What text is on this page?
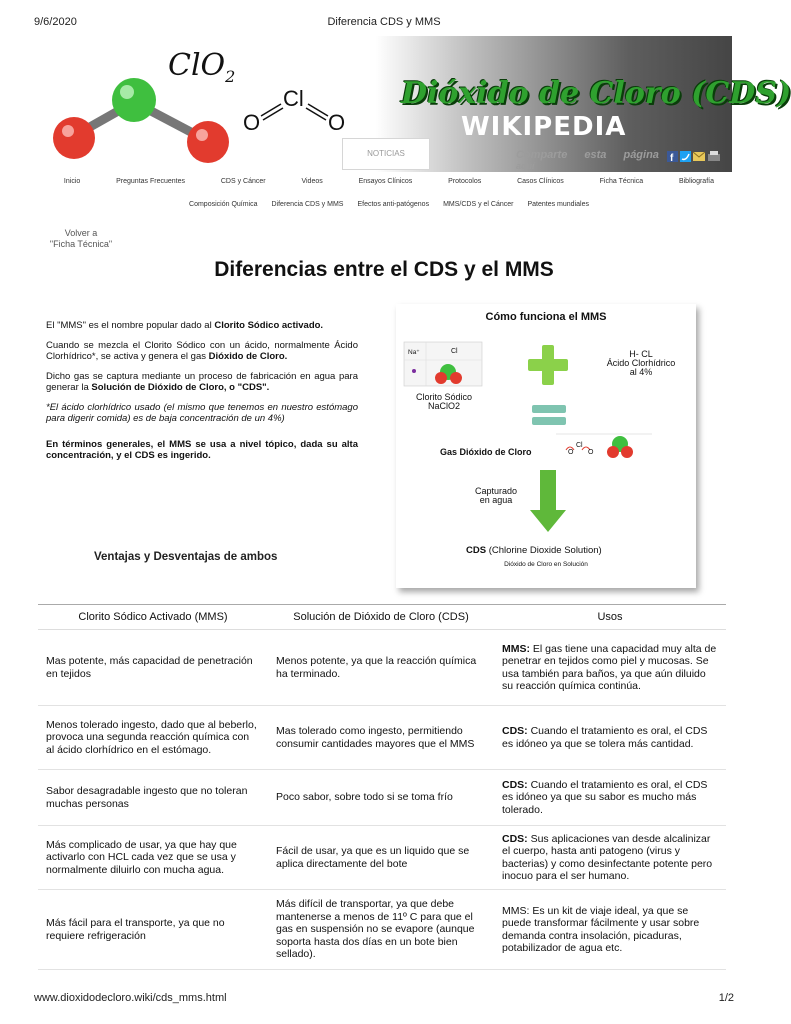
9/6/2020	Diferencia CDS y MMS
Cl
O	O
ClO$_2$	Dióxido de Cloro (CDS)
WIKIPEDIA
NOTICIAS	Comparte esta página
aquí
f
Inicio	Preguntas Frecuentes	CDS y Cáncer	Videos	Ensayos Clínicos	Protocolos	Casos Clínicos	Ficha Técnica	Bibliografía
Composición Química Diferencia CDS y MMS Efectos anti-patógenos MMS/CDS y el Cáncer Patentes mundiales
Volver a
"Ficha Técnica"
Diferencias entre el CDS y el MMS

El "MMS" es el nombre popular dado al Clorito Sódico activado.

Cuando se mezcla el Clorito Sódico con un ácido, normalmente Ácido Clorhídrico*, se activa y genera el gas Dióxido de Cloro.

Dicho gas se captura mediante un proceso de fabricación en agua para generar la Solución de Dióxido de Cloro, o "CDS".

*El ácido clorhídrico usado (el mismo que tenemos en nuestro estómago para digerir comida) es de baja concentración de un 4%)

En términos generales, el MMS se usa a nivel tópico, dada su alta concentración, y el CDS es ingerido.

Ventajas y Desventajas de ambos
Cómo funciona el MMS
Na⁺	Cl
Clorito Sódico
NaClO2
H- CL
Ácido Clorhídrico
al 4%
Gas Dióxido de Cloro	O
Cl
O
Capturado
en agua
CDS (Chlorine Dioxide Solution)
Dióxido de Cloro en Solución
Clorito Sódico Activado (MMS)	Solución de Dióxido de Cloro (CDS)	Usos
Mas potente, más capacidad de penetración en tejidos	Menos potente, ya que la reacción química ha terminado.	MMS: El gas tiene una capacidad muy alta de penetrar en tejidos como piel y mucosas. Se usa también para baños, ya que aún diluido su reacción química continúa.
Menos tolerado ingesto, dado que al beberlo, provoca una segunda reacción química con al ácido clorhídrico en el estómago.	Mas tolerado como ingesto, permitiendo consumir cantidades mayores que el MMS	CDS: Cuando el tratamiento es oral, el CDS es idóneo ya que se tolera más cantidad.
Sabor desagradable ingesto que no toleran muchas personas	Poco sabor, sobre todo si se toma frío	CDS: Cuando el tratamiento es oral, el CDS es idóneo ya que su sabor es mucho más tolerado.
Más complicado de usar, ya que hay que activarlo con HCL cada vez que se usa y normalmente diluirlo con mucha agua.	Fácil de usar, ya que es un liquido que se aplica directamente del bote	CDS: Sus aplicaciones van desde alcalinizar el cuerpo, hasta anti patogeno (virus y bacterias) y como desinfectante potente pero inocuo para el ser humano.
Más fácil para el transporte, ya que no requiere refrigeración	Más difícil de transportar, ya que debe mantenerse a menos de 11º C para que el gas en suspensión no se evapore (aunque soporta hasta dos días en un bote bien sellado).	MMS: Es un kit de viaje ideal, ya que se puede transformar fácilmente y usar sobre demanda contra insolación, picaduras, potabilizador de agua etc.
www.dioxidodecloro.wiki/cds_mms.html	1/2
